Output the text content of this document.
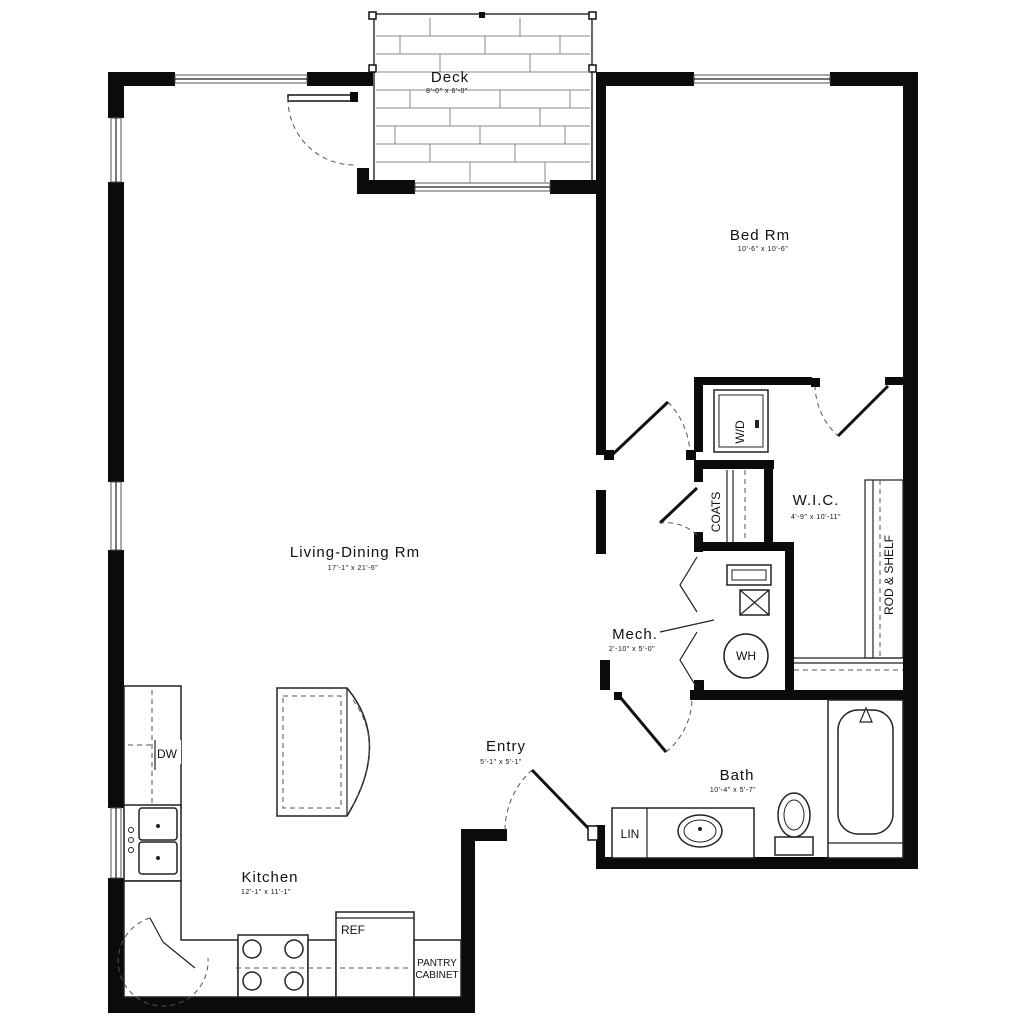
W/D
COATS
ROD & SHELF
WH
LIN
DW
REF
PANTRY
CABINET
Deck
8'-0" x 6'-0"
Bed Rm
10'-6" x 10'-6"
W.I.C.
4'-9" x 10'-11"
Living-Dining Rm
17'-1" x 21'-6"
Mech.
2'-10" x 5'-0"
Entry
5'-1" x 5'-1"
Bath
10'-4" x 5'-7"
Kitchen
12'-1" x 11'-1"
